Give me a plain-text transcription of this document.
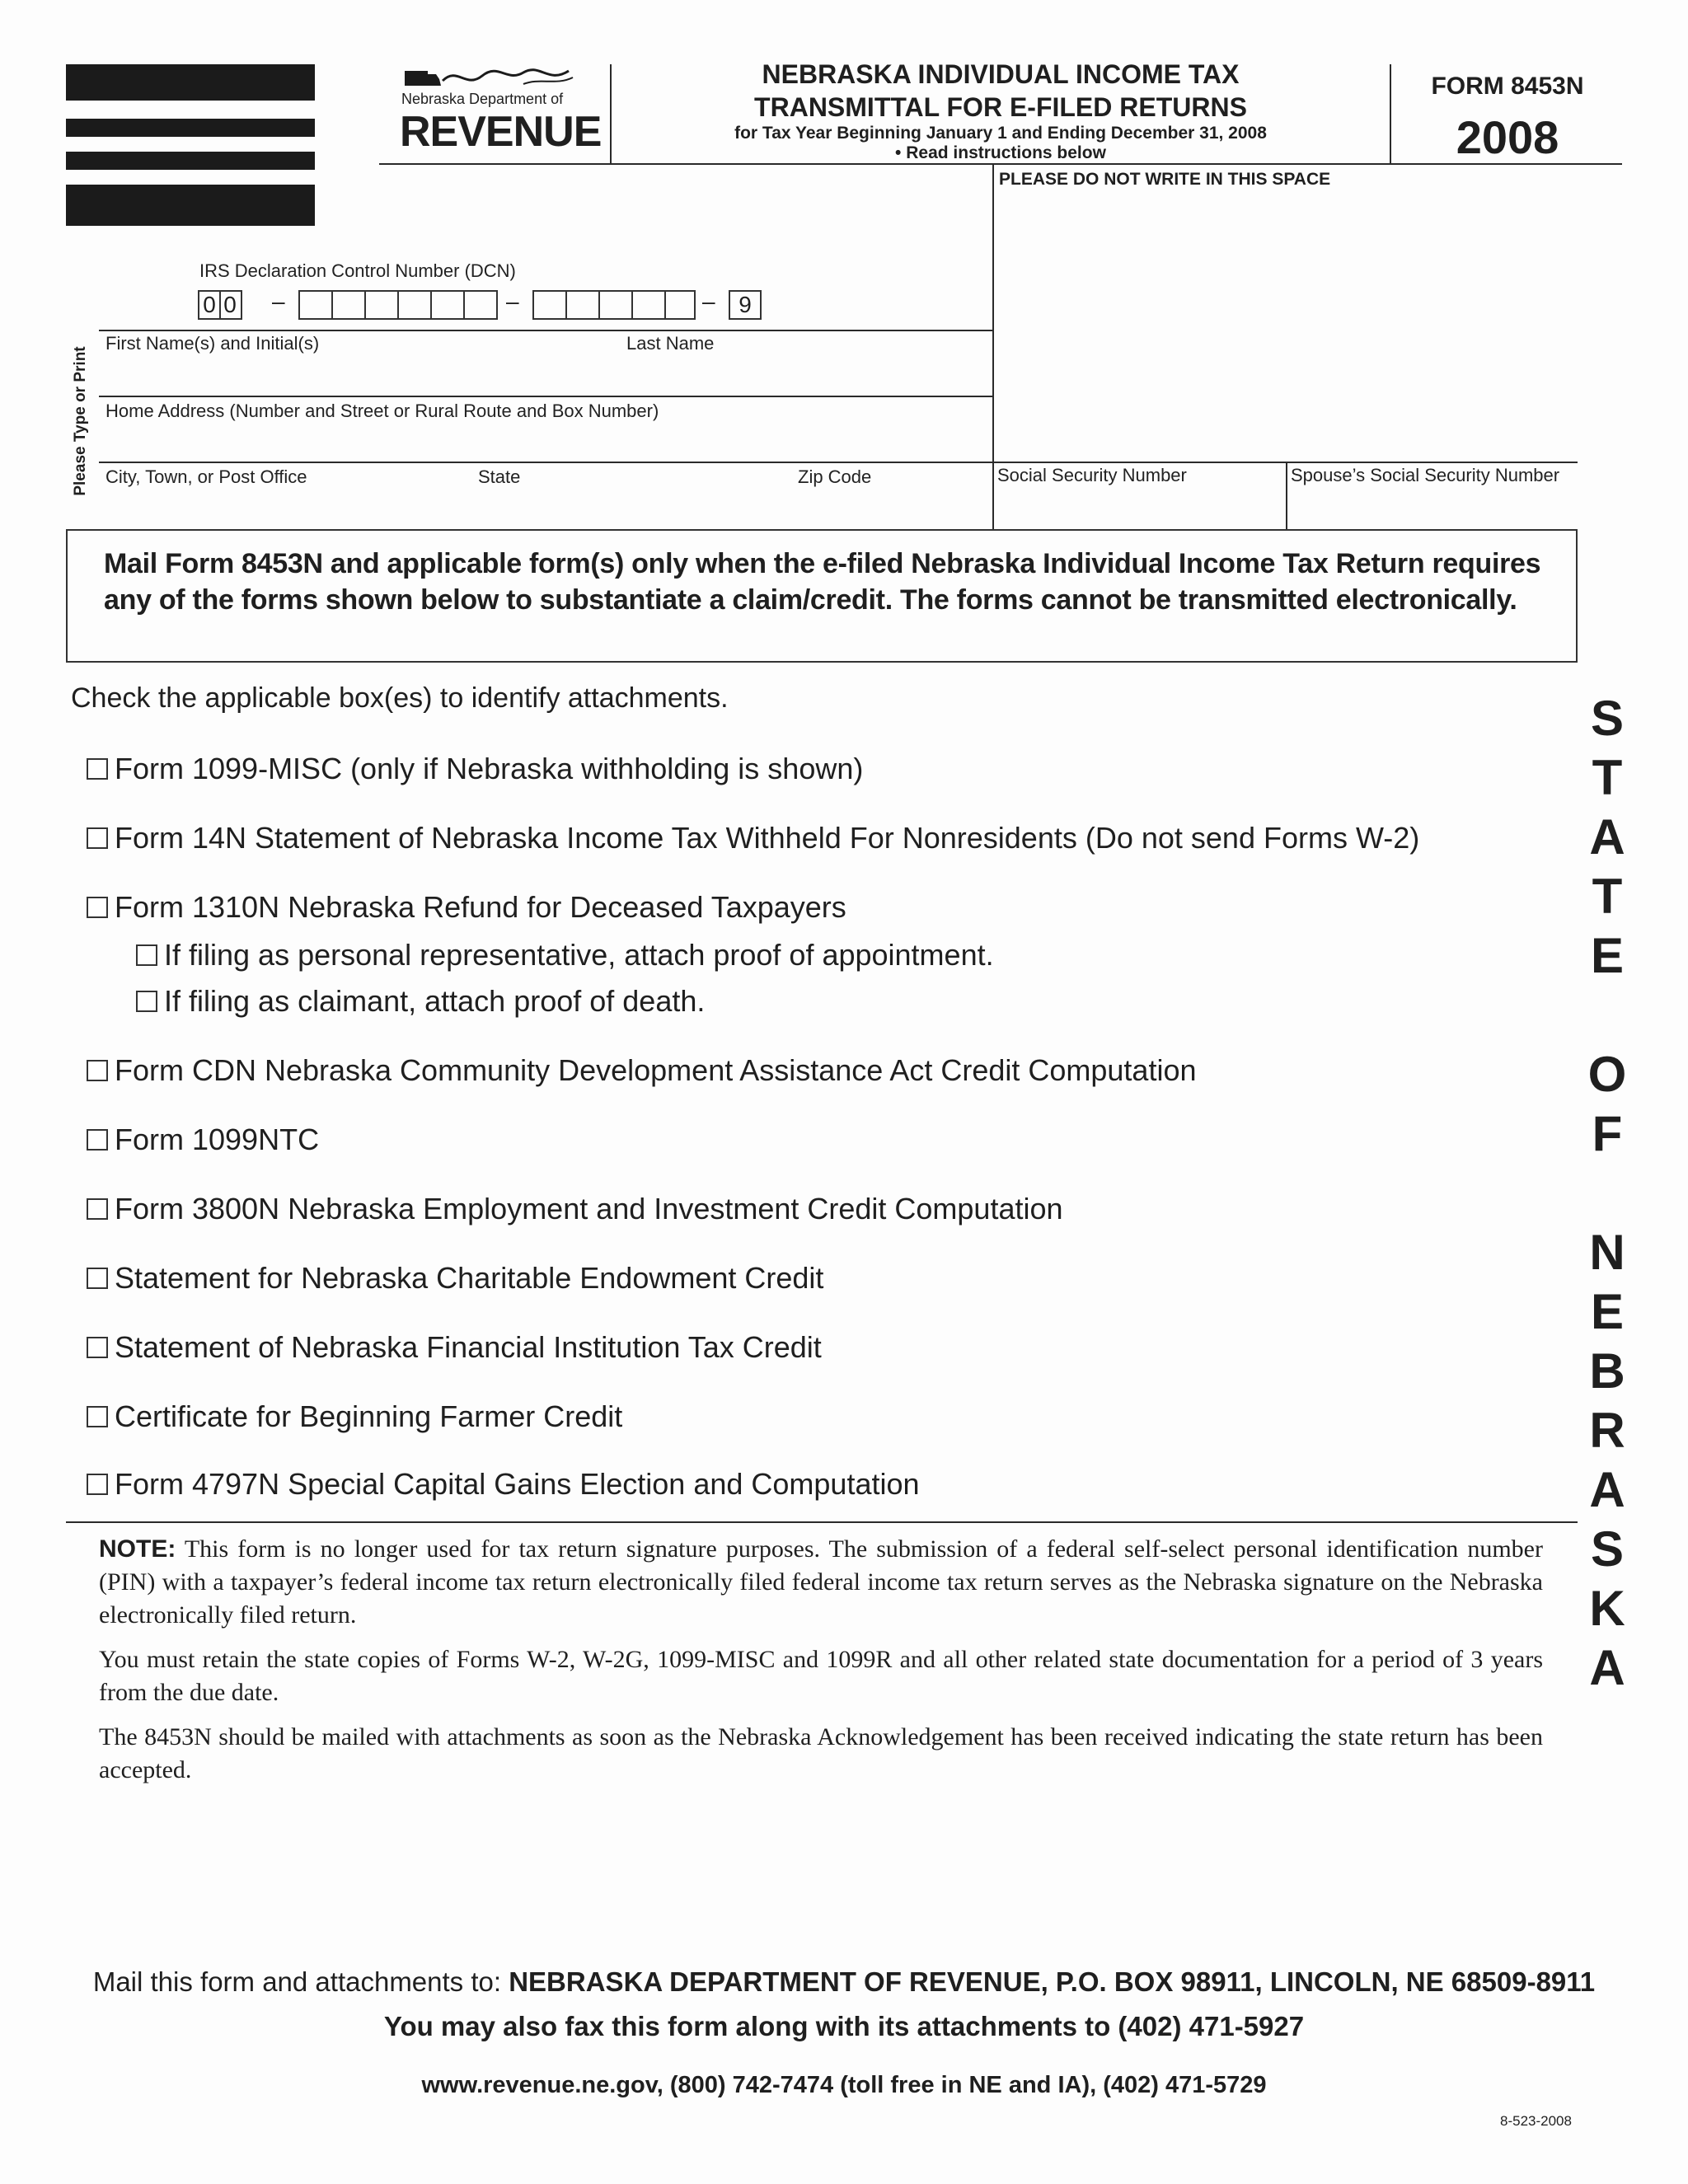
Nebraska Department of
REVENUE
NEBRASKA INDIVIDUAL INCOME TAX
TRANSMITTAL FOR E-FILED RETURNS
for Tax Year Beginning January 1 and Ending December 31, 2008
• Read instructions below
FORM 8453N
2008
PLEASE DO NOT WRITE IN THIS SPACE
IRS Declaration Control Number (DCN)
0 0 –	–	–	9
Please Type or Print
First Name(s) and Initial(s)	Last Name
Home Address (Number and Street or Rural Route and Box Number)
City, Town, or Post Office	State	Zip Code	Social Security Number	Spouse’s Social Security Number
Mail Form 8453N and applicable form(s) only when the e-filed Nebraska Individual Income Tax Return requires any of the forms shown below to substantiate a claim/credit. The forms cannot be transmitted electronically.
Check the applicable box(es) to identify attachments.
Form 1099-MISC (only if Nebraska withholding is shown)
Form 14N Statement of Nebraska Income Tax Withheld For Nonresidents (Do not send Forms W-2)
Form 1310N Nebraska Refund for Deceased Taxpayers
If filing as personal representative, attach proof of appointment.
If filing as claimant, attach proof of death.
Form CDN Nebraska Community Development Assistance Act Credit Computation
Form 1099NTC
Form 3800N Nebraska Employment and Investment Credit Computation
Statement for Nebraska Charitable Endowment Credit
Statement of Nebraska Financial Institution Tax Credit
Certificate for Beginning Farmer Credit
Form 4797N Special Capital Gains Election and Computation
S
T
A
T
E
O
F
N
E
B
R
A
S
K
A
NOTE: This form is no longer used for tax return signature purposes. The submission of a federal self-select personal identification number (PIN) with a taxpayer’s federal income tax return electronically filed federal income tax return serves as the Nebraska signature on the Nebraska electronically filed return.
You must retain the state copies of Forms W-2, W-2G, 1099-MISC and 1099R and all other related state documentation for a period of 3 years from the due date.
The 8453N should be mailed with attachments as soon as the Nebraska Acknowledgement has been received indicating the state return has been accepted.
Mail this form and attachments to: NEBRASKA DEPARTMENT OF REVENUE, P.O. BOX 98911, LINCOLN, NE 68509-8911
You may also fax this form along with its attachments to (402) 471-5927
www.revenue.ne.gov, (800) 742-7474 (toll free in NE and IA), (402) 471-5729
8-523-2008
